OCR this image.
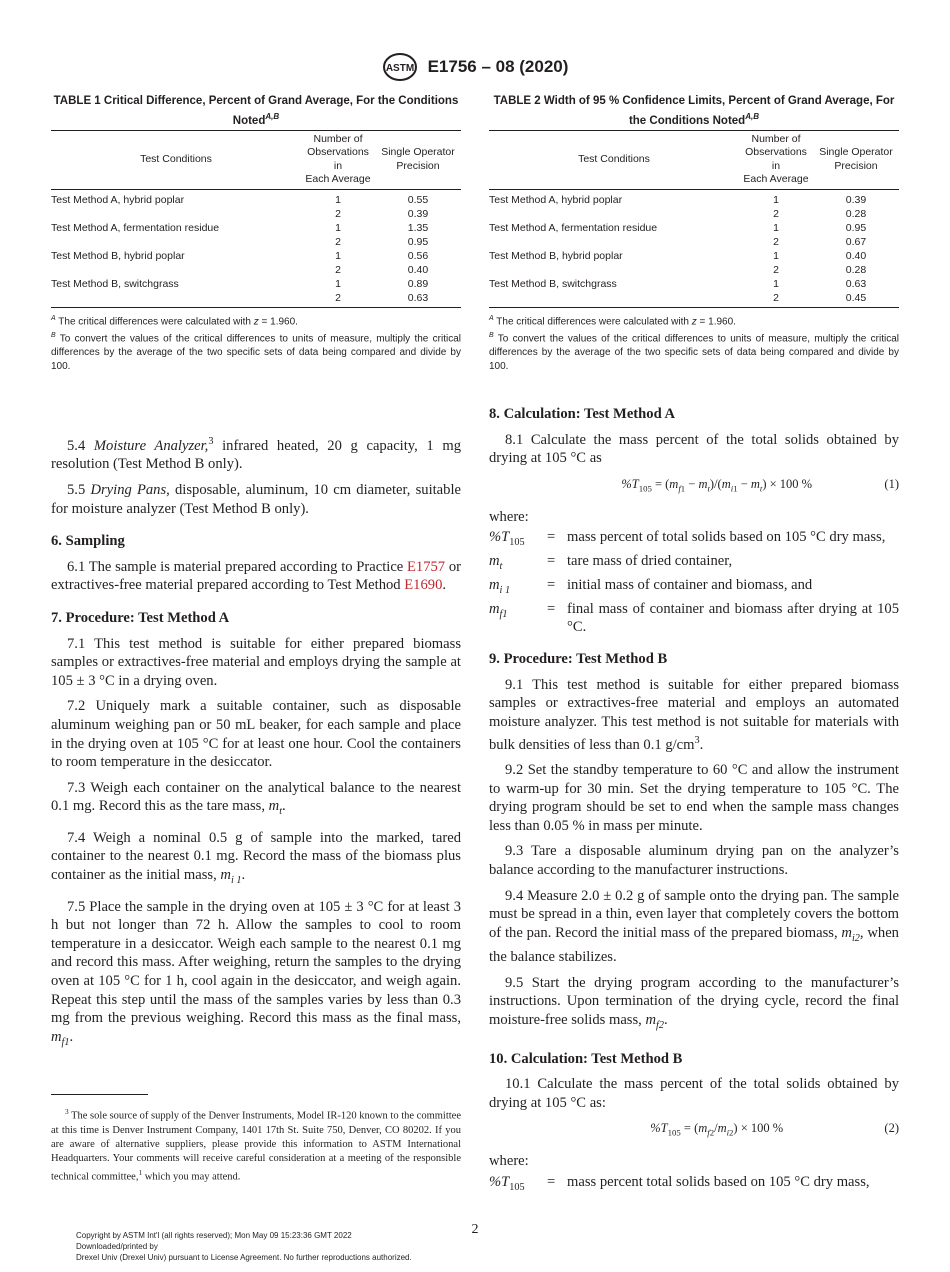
ASTM E1756 – 08 (2020)
TABLE 1 Critical Difference, Percent of Grand Average, For the Conditions Noted$^{A,B}$
Test Conditions	Number of
Observations
in
Each Average	Single Operator
Precision
Test Method A, hybrid poplar	1	0.55
	2	0.39
Test Method A, fermentation residue	1	1.35
	2	0.95
Test Method B, hybrid poplar	1	0.56
	2	0.40
Test Method B, switchgrass	1	0.89
	2	0.63
$^A$ The critical differences were calculated with z = 1.960.
$^B$ To convert the values of the critical differences to units of measure, multiply the critical differences by the average of the two specific sets of data being compared and divide by 100.

5.4 Moisture Analyzer,$^3$ infrared heated, 20 g capacity, 1 mg resolution (Test Method B only).

5.5 Drying Pans, disposable, aluminum, 10 cm diameter, suitable for moisture analyzer (Test Method B only).

6. Sampling

6.1 The sample is material prepared according to Practice E1757 or extractives-free material prepared according to Test Method E1690.

7. Procedure: Test Method A

7.1 This test method is suitable for either prepared biomass samples or extractives-free material and employs drying the sample at 105 ± 3 °C in a drying oven.

7.2 Uniquely mark a suitable container, such as disposable aluminum weighing pan or 50 mL beaker, for each sample and place in the drying oven at 105 °C for at least one hour. Cool the containers to room temperature in the desiccator.

7.3 Weigh each container on the analytical balance to the nearest 0.1 mg. Record this as the tare mass, $m_t$.

7.4 Weigh a nominal 0.5 g of sample into the marked, tared container to the nearest 0.1 mg. Record the mass of the biomass plus container as the initial mass, $m_{i 1}$.

7.5 Place the sample in the drying oven at 105 ± 3 °C for at least 3 h but not longer than 72 h. Allow the samples to cool to room temperature in a desiccator. Weigh each sample to the nearest 0.1 mg and record this mass. After weighing, return the samples to the drying oven at 105 °C for 1 h, cool again in the desiccator, and weigh again. Repeat this step until the mass of the samples varies by less than 0.3 mg from the previous weighing. Record this mass as the final mass, $m_{f1}$.

$^3$ The sole source of supply of the Denver Instruments, Model IR-120 known to the committee at this time is Denver Instrument Company, 1401 17th St. Suite 750, Denver, CO 80202. If you are aware of alternative suppliers, please provide this information to ASTM International Headquarters. Your comments will receive careful consideration at a meeting of the responsible technical committee,$^1$ which you may attend.
TABLE 2 Width of 95 % Confidence Limits, Percent of Grand Average, For the Conditions Noted$^{A,B}$
Test Conditions	Number of
Observations
in
Each Average	Single Operator
Precision
Test Method A, hybrid poplar	1	0.39
	2	0.28
Test Method A, fermentation residue	1	0.95
	2	0.67
Test Method B, hybrid poplar	1	0.40
	2	0.28
Test Method B, switchgrass	1	0.63
	2	0.45
$^A$ The critical differences were calculated with z = 1.960.
$^B$ To convert the values of the critical differences to units of measure, multiply the critical differences by the average of the two specific sets of data being compared and divide by 100.
8. Calculation: Test Method A

8.1 Calculate the mass percent of the total solids obtained by drying at 105 °C as

$\%T_{105} = (m_{f1} - m_t)/(m_{i1} - m_t) \times 100$ %	(1)
where:
$\%T_{105}$	= mass percent of total solids based on 105 °C dry mass,
$m_t$	= tare mass of dried container,
$m_{i 1}$	= initial mass of container and biomass, and
$m_{f1}$	= final mass of container and biomass after drying at 105 °C.
9. Procedure: Test Method B

9.1 This test method is suitable for either prepared biomass samples or extractives-free material and employs an automated moisture analyzer. This test method is not suitable for materials with bulk densities of less than 0.1 $g/cm^3$.

9.2 Set the standby temperature to 60 °C and allow the instrument to warm-up for 30 min. Set the drying temperature to 105 °C. The drying program should be set to end when the sample mass changes less than 0.05 % in mass per minute.

9.3 Tare a disposable aluminum drying pan on the analyzer’s balance according to the manufacturer instructions.

9.4 Measure 2.0 ± 0.2 g of sample onto the drying pan. The sample must be spread in a thin, even layer that completely covers the bottom of the pan. Record the initial mass of the prepared biomass, $m_{i2}$, when the balance stabilizes.

9.5 Start the drying program according to the manufacturer’s instructions. Upon termination of the drying cycle, record the final moisture-free solids mass, $m_{f2}$.

10. Calculation: Test Method B

10.1 Calculate the mass percent of the total solids obtained by drying at 105 °C as:

$\%T_{105} = (m_{f2}/m_{i2}) \times 100$ %	(2)
where:
$\%T_{105}$	= mass percent total solids based on 105 °C dry mass,
2
Copyright by ASTM Int'l (all rights reserved); Mon May 09 15:23:36 GMT 2022
Downloaded/printed by
Drexel Univ (Drexel Univ) pursuant to License Agreement. No further reproductions authorized.
